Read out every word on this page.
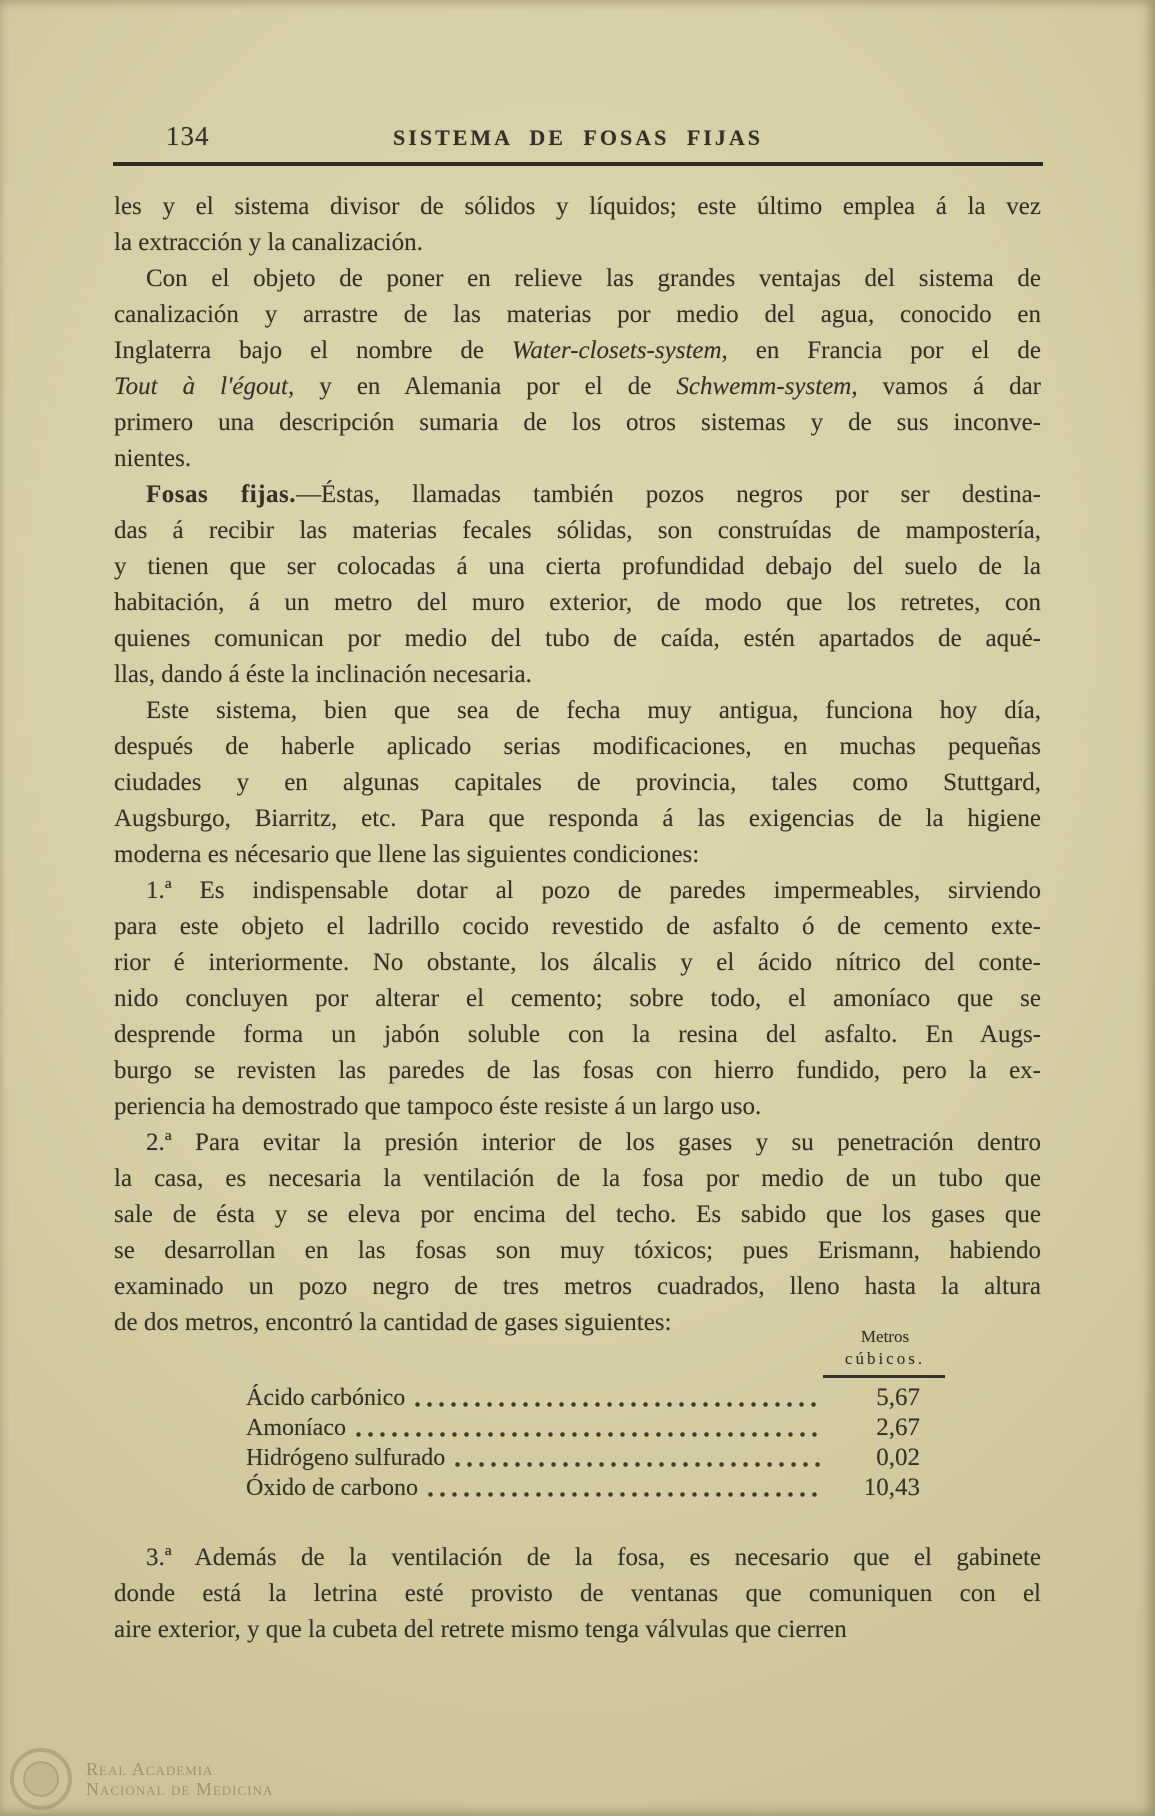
134	SISTEMA DE FOSAS FIJAS
les y el sistema divisor de sólidos y líquidos; este último emplea á la vez
la extracción y la canalización.
Con el objeto de poner en relieve las grandes ventajas del sistema de
canalización y arrastre de las materias por medio del agua, conocido en
Inglaterra bajo el nombre de Water-closets-system, en Francia por el de
Tout à l'égout, y en Alemania por el de Schwemm-system, vamos á dar
primero una descripción sumaria de los otros sistemas y de sus inconve-
nientes.
Fosas fijas.—Éstas, llamadas también pozos negros por ser destina-
das á recibir las materias fecales sólidas, son construídas de mampostería,
y tienen que ser colocadas á una cierta profundidad debajo del suelo de la
habitación, á un metro del muro exterior, de modo que los retretes, con
quienes comunican por medio del tubo de caída, estén apartados de aqué-
llas, dando á éste la inclinación necesaria.
Este sistema, bien que sea de fecha muy antigua, funciona hoy día,
después de haberle aplicado serias modificaciones, en muchas pequeñas
ciudades y en algunas capitales de provincia, tales como Stuttgard,
Augsburgo, Biarritz, etc. Para que responda á las exigencias de la higiene
moderna es nécesario que llene las siguientes condiciones:
1.ª Es indispensable dotar al pozo de paredes impermeables, sirviendo
para este objeto el ladrillo cocido revestido de asfalto ó de cemento exte-
rior é interiormente. No obstante, los álcalis y el ácido nítrico del conte-
nido concluyen por alterar el cemento; sobre todo, el amoníaco que se
desprende forma un jabón soluble con la resina del asfalto. En Augs-
burgo se revisten las paredes de las fosas con hierro fundido, pero la ex-
periencia ha demostrado que tampoco éste resiste á un largo uso.
2.ª Para evitar la presión interior de los gases y su penetración dentro
la casa, es necesaria la ventilación de la fosa por medio de un tubo que
sale de ésta y se eleva por encima del techo. Es sabido que los gases que
se desarrollan en las fosas son muy tóxicos; pues Erismann, habiendo
examinado un pozo negro de tres metros cuadrados, lleno hasta la altura
de dos metros, encontró la cantidad de gases siguientes:
Metros
cúbicos.
Ácido carbónico	5,67
Amoníaco	2,67
Hidrógeno sulfurado	0,02
Óxido de carbono	10,43
3.ª Además de la ventilación de la fosa, es necesario que el gabinete
donde está la letrina esté provisto de ventanas que comuniquen con el
aire exterior, y que la cubeta del retrete mismo tenga válvulas que cierren
Real Academia
Nacional de Medicina
